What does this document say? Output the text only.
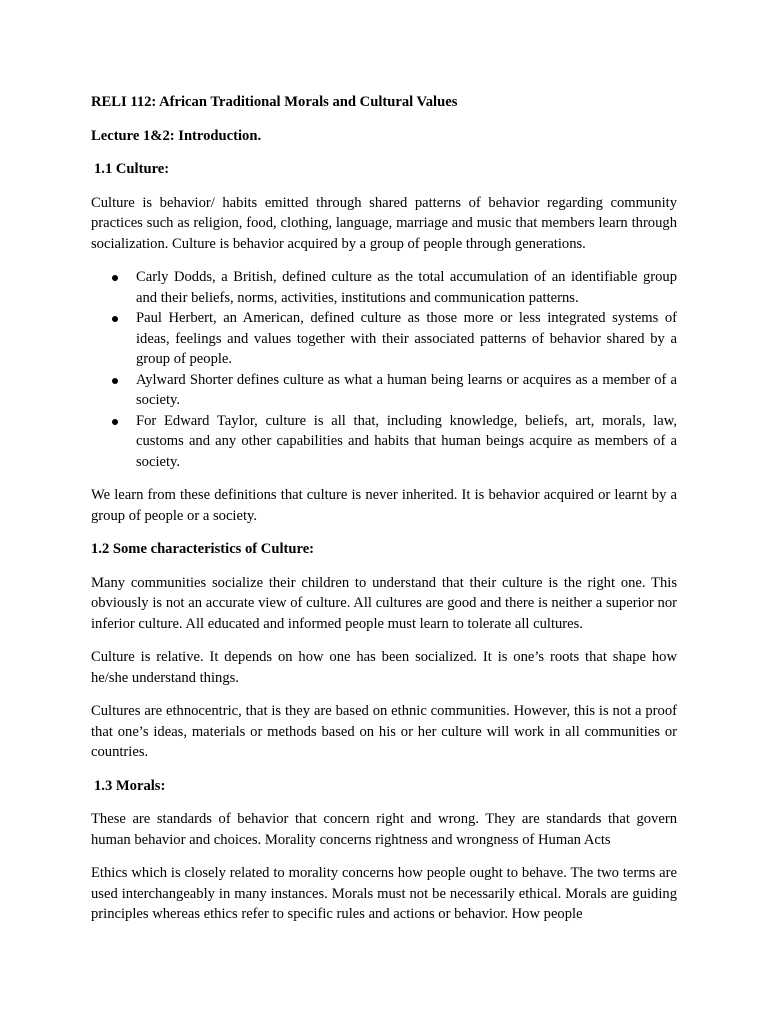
RELI 112: African Traditional Morals and Cultural Values
Lecture 1&2: Introduction.
1.1 Culture:
Culture is behavior/ habits emitted through shared patterns of behavior regarding community practices such as religion, food, clothing, language, marriage and music that members learn through socialization. Culture is behavior acquired by a group of people through generations.
Carly Dodds, a British, defined culture as the total accumulation of an identifiable group and their beliefs, norms, activities, institutions and communication patterns.
Paul Herbert, an American, defined culture as those more or less integrated systems of ideas, feelings and values together with their associated patterns of behavior shared by a group of people.
Aylward Shorter defines culture as what a human being learns or acquires as a member of a society.
For Edward Taylor, culture is all that, including knowledge, beliefs, art, morals, law, customs and any other capabilities and habits that human beings acquire as members of a society.
We learn from these definitions that culture is never inherited. It is behavior acquired or learnt by a group of people or a society.
1.2 Some characteristics of Culture:
Many communities socialize their children to understand that their culture is the right one. This obviously is not an accurate view of culture. All cultures are good and there is neither a superior nor inferior culture. All educated and informed people must learn to tolerate all cultures.
Culture is relative. It depends on how one has been socialized. It is one’s roots that shape how he/she understand things.
Cultures are ethnocentric, that is they are based on ethnic communities. However, this is not a proof that one’s ideas, materials or methods based on his or her culture will work in all communities or countries.
1.3 Morals:
These are standards of behavior that concern right and wrong. They are standards that govern human behavior and choices. Morality concerns rightness and wrongness of Human Acts
Ethics which is closely related to morality concerns how people ought to behave. The two terms are used interchangeably in many instances. Morals must not be necessarily ethical. Morals are guiding principles whereas ethics refer to specific rules and actions or behavior. How people
